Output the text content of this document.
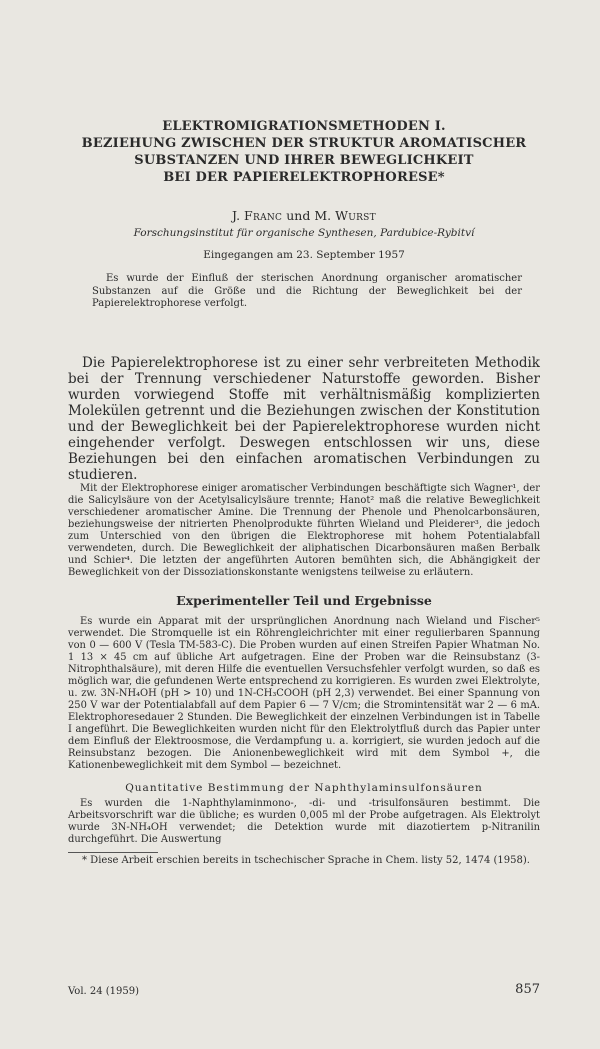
ELEKTROMIGRATIONSMETHODEN I.
BEZIEHUNG ZWISCHEN DER STRUKTUR AROMATISCHER
SUBSTANZEN UND IHRER BEWEGLICHKEIT
BEI DER PAPIERELEKTROPHORESE*
J. Franc und M. Wurst
Forschungsinstitut für organische Synthesen, Pardubice-Rybitví
Eingegangen am 23. September 1957

Es wurde der Einfluß der sterischen Anordnung organischer aromatischer Substanzen auf die Größe und die Richtung der Beweglichkeit bei der Papierelektrophorese verfolgt.

Die Papierelektrophorese ist zu einer sehr verbreiteten Methodik bei der Trennung verschiedener Naturstoffe geworden. Bisher wurden vorwiegend Stoffe mit verhältnismäßig komplizierten Molekülen getrennt und die Beziehungen zwischen der Konstitution und der Beweglichkeit bei der Papierelektrophorese wurden nicht eingehender verfolgt. Deswegen entschlossen wir uns, diese Beziehungen bei den einfachen aromatischen Verbindungen zu studieren.

Mit der Elektrophorese einiger aromatischer Verbindungen beschäftigte sich Wagner¹, der die Salicylsäure von der Acetylsalicylsäure trennte; Hanot² maß die relative Beweglichkeit verschiedener aromatischer Amine. Die Trennung der Phenole und Phenolcarbonsäuren, beziehungsweise der nitrierten Phenolprodukte führten Wieland und Pleiderer³, die jedoch zum Unterschied von den übrigen die Elektrophorese mit hohem Potentialabfall verwendeten, durch. Die Beweglichkeit der aliphatischen Dicarbonsäuren maßen Berbalk und Schier⁴. Die letzten der angeführten Autoren bemühten sich, die Abhängigkeit der Beweglichkeit von der Dissoziationskonstante wenigstens teilweise zu erläutern.

Experimenteller Teil und Ergebnisse

Es wurde ein Apparat mit der ursprünglichen Anordnung nach Wieland und Fischer⁵ verwendet. Die Stromquelle ist ein Röhrengleichrichter mit einer regulierbaren Spannung von 0 — 600 V (Tesla TM-583-C). Die Proben wurden auf einen Streifen Papier Whatman No. 1 13 × 45 cm auf übliche Art aufgetragen. Eine der Proben war die Reinsubstanz (3-Nitrophthalsäure), mit deren Hilfe die eventuellen Versuchsfehler verfolgt wurden, so daß es möglich war, die gefundenen Werte entsprechend zu korrigieren. Es wurden zwei Elektrolyte, u. zw. 3N-NH₄OH (pH > 10) und 1N-CH₃COOH (pH 2,3) verwendet. Bei einer Spannung von 250 V war der Potentialabfall auf dem Papier 6 — 7 V/cm; die Stromintensität war 2 — 6 mA. Elektrophoresedauer 2 Stunden. Die Beweglichkeit der einzelnen Verbindungen ist in Tabelle I angeführt. Die Beweglichkeiten wurden nicht für den Elektrolytfluß durch das Papier unter dem Einfluß der Elektroosmose, die Verdampfung u. a. korrigiert, sie wurden jedoch auf die Reinsubstanz bezogen. Die Anionenbeweglichkeit wird mit dem Symbol +, die Kationenbeweglichkeit mit dem Symbol — bezeichnet.

Quantitative Bestimmung der Naphthylaminsulfonsäuren

Es wurden die 1-Naphthylaminmono-, -di- und -trisulfonsäuren bestimmt. Die Arbeitsvorschrift war die übliche; es wurden 0,005 ml der Probe aufgetragen. Als Elektrolyt wurde 3N-NH₄OH verwendet; die Detektion wurde mit diazotiertem p-Nitranilin durchgeführt. Die Auswertung

* Diese Arbeit erschien bereits in tschechischer Sprache in Chem. listy 52, 1474 (1958).
Vol. 24 (1959)	857
